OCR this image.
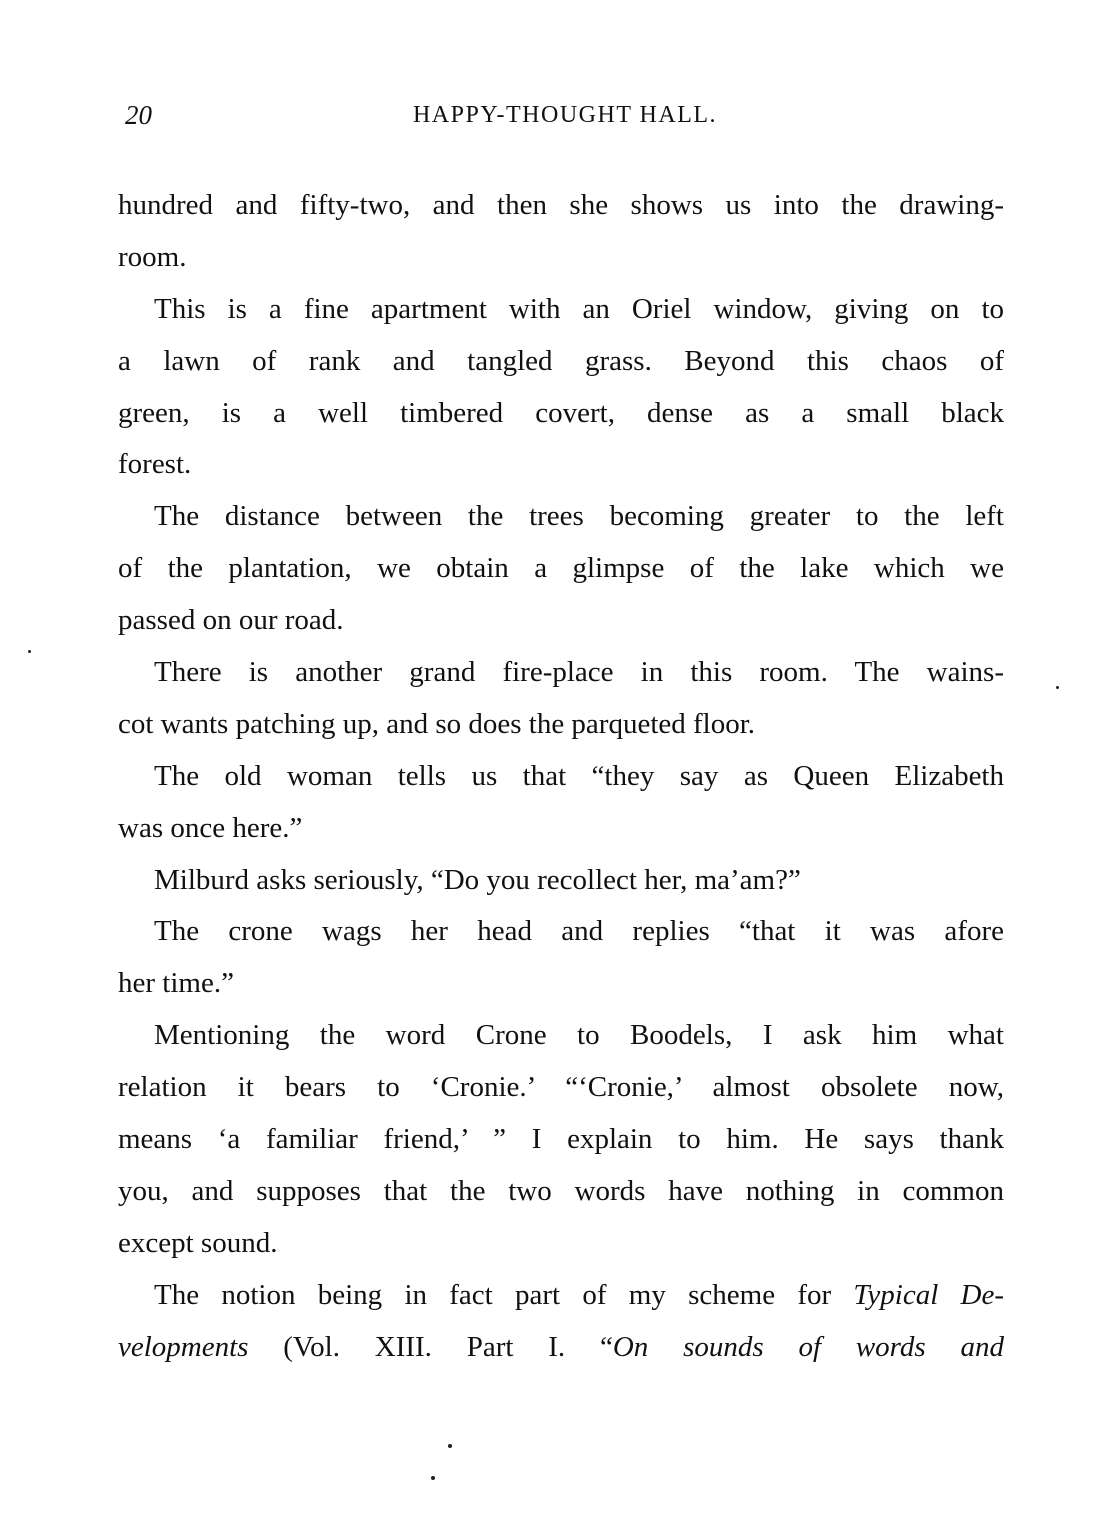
20	HAPPY-THOUGHT HALL.
hundred and fifty-two, and then she shows us into the drawing-
room.
This is a fine apartment with an Oriel window, giving on to
a lawn of rank and tangled grass. Beyond this chaos of
green, is a well timbered covert, dense as a small black
forest.
The distance between the trees becoming greater to the left
of the plantation, we obtain a glimpse of the lake which we
passed on our road.
There is another grand fire-place in this room. The wains-
cot wants patching up, and so does the parqueted floor.
The old woman tells us that “they say as Queen Elizabeth
was once here.”
Milburd asks seriously, “Do you recollect her, ma’am?”
The crone wags her head and replies “that it was afore
her time.”
Mentioning the word Crone to Boodels, I ask him what
relation it bears to ‘Cronie.’ “‘Cronie,’ almost obsolete now,
means ‘a familiar friend,’ ” I explain to him. He says thank
you, and supposes that the two words have nothing in common
except sound.
The notion being in fact part of my scheme for Typical De-
velopments (Vol. XIII. Part I. “On sounds of words and
